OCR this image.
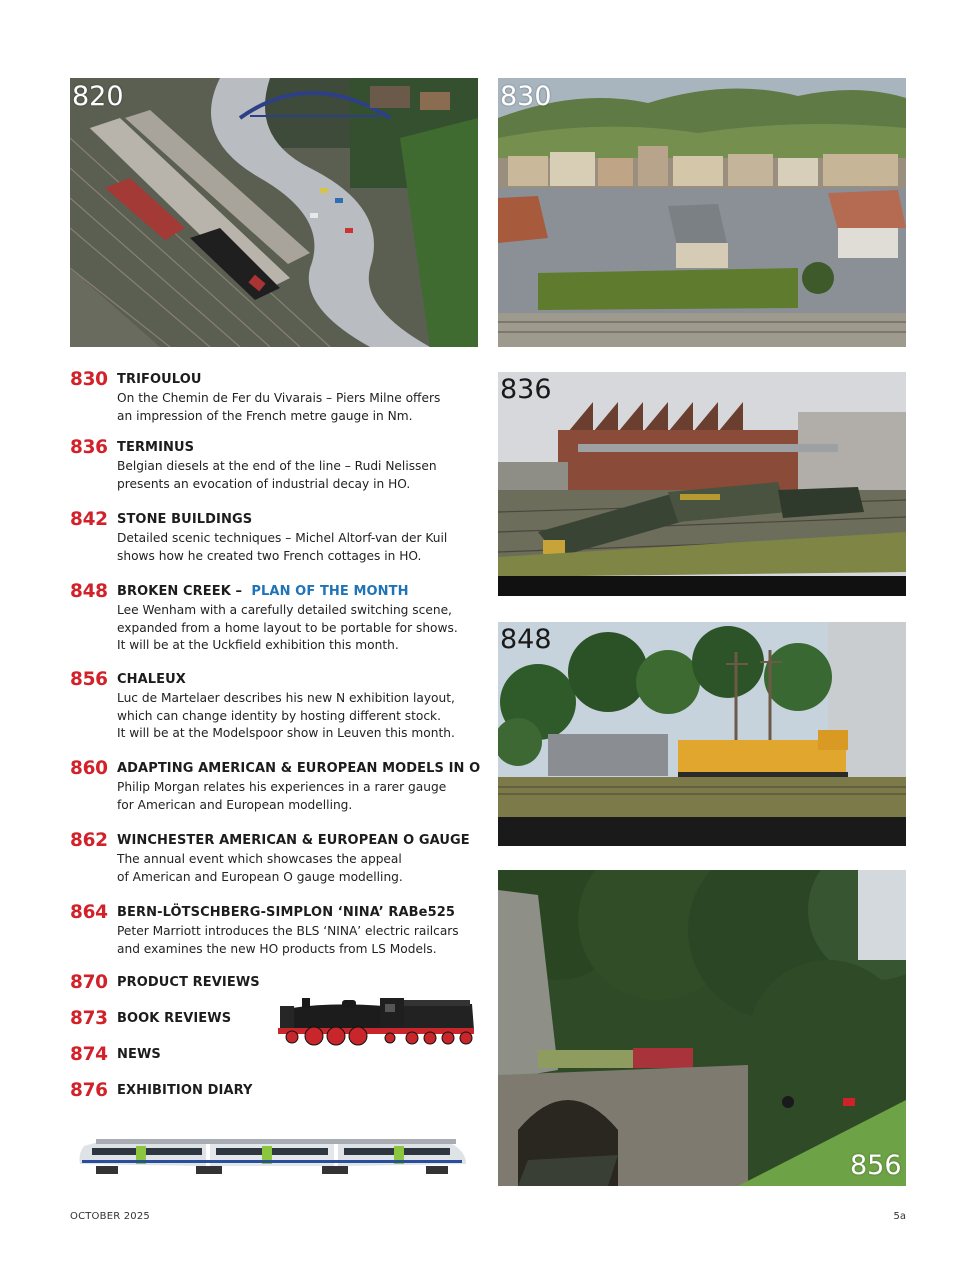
820	830
836
848
856
830 TRIFOULOU
On the Chemin de Fer du Vivarais – Piers Milne offers
an impression of the French metre gauge in Nm.
836 TERMINUS
Belgian diesels at the end of the line – Rudi Nelissen
presents an evocation of industrial decay in HO.
842 STONE BUILDINGS
Detailed scenic techniques – Michel Altorf-van der Kuil
shows how he created two French cottages in HO.
848 BROKEN CREEK –  PLAN OF THE MONTH
Lee Wenham with a carefully detailed switching scene,
expanded from a home layout to be portable for shows.
It will be at the Uckfield exhibition this month.
856 CHALEUX
Luc de Martelaer describes his new N exhibition layout,
which can change identity by hosting different stock.
It will be at the Modelspoor show in Leuven this month.
860 ADAPTING AMERICAN & EUROPEAN MODELS IN O
Philip Morgan relates his experiences in a rarer gauge
for American and European modelling.
862 WINCHESTER AMERICAN & EUROPEAN O GAUGE
The annual event which showcases the appeal
of American and European O gauge modelling.
864 BERN-LÖTSCHBERG-SIMPLON ‘NINA’ RABe525
Peter Marriott introduces the BLS ‘NINA’ electric railcars
and examines the new HO products from LS Models.
870 PRODUCT REVIEWS
873 BOOK REVIEWS
874 NEWS
876 EXHIBITION DIARY
OCTOBER 2025	5a
